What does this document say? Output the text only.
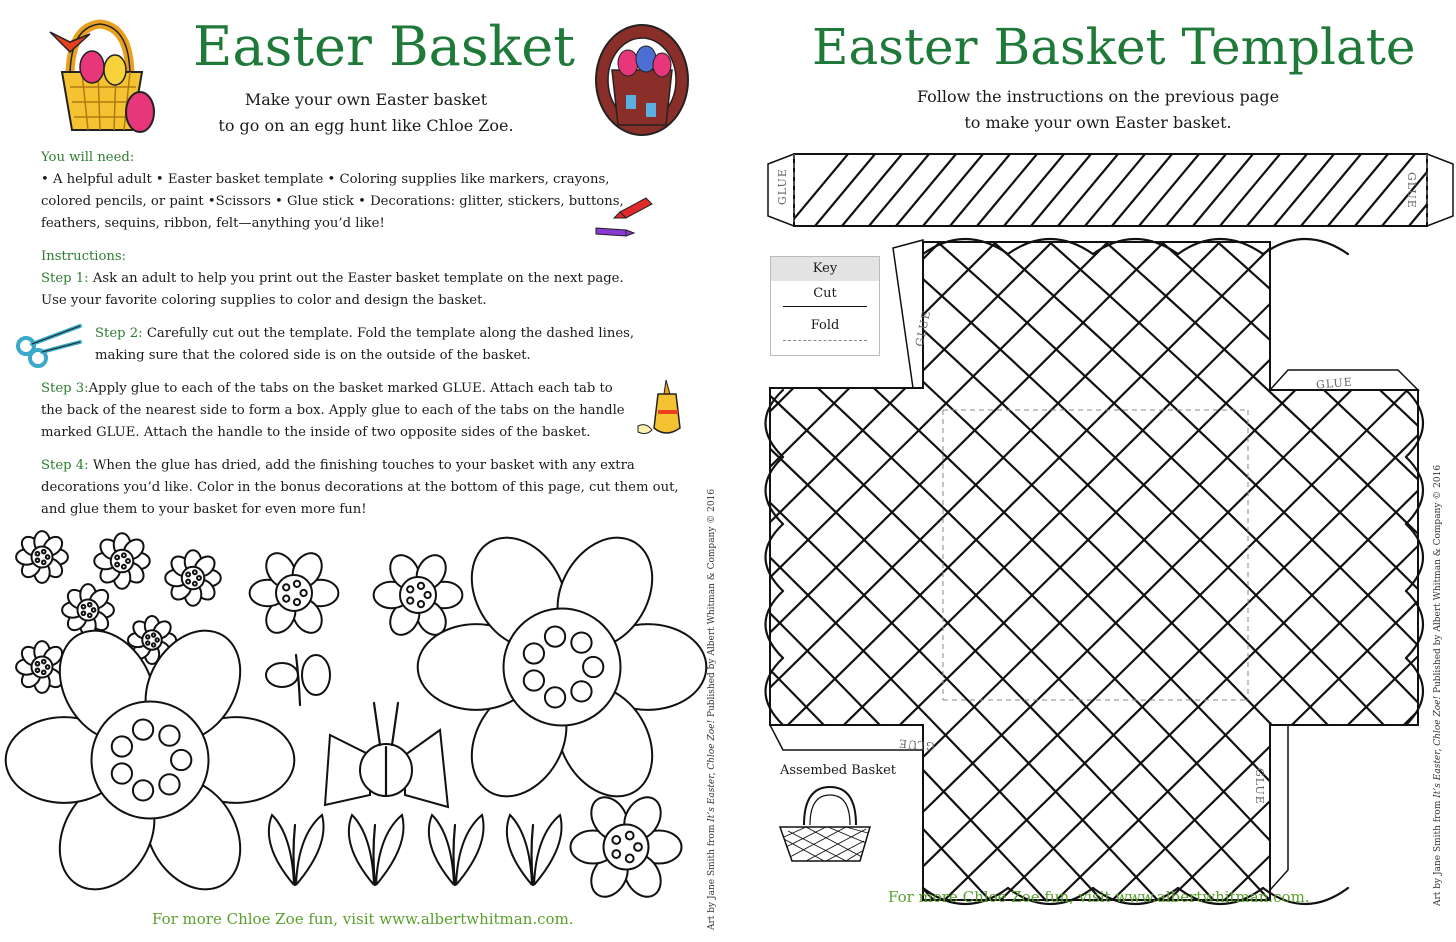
Easter Basket
Make your own Easter basket
to go on an egg hunt like Chloe Zoe.
You will need:
• A helpful adult • Easter basket template • Coloring supplies like markers, crayons,
colored pencils, or paint •Scissors • Glue stick • Decorations: glitter, stickers, buttons,
feathers, sequins, ribbon, felt—anything you’d like!
Instructions:
Step 1: Ask an adult to help you print out the Easter basket template on the next page.
Use your favorite coloring supplies to color and design the basket.
Step 2: Carefully cut out the template. Fold the template along the dashed lines,
making sure that the colored side is on the outside of the basket.
Step 3:Apply glue to each of the tabs on the basket marked GLUE. Attach each tab to
the back of the nearest side to form a box. Apply glue to each of the tabs on the handle
marked GLUE. Attach the handle to the inside of two opposite sides of the basket.
Step 4: When the glue has dried, add the finishing touches to your basket with any extra
decorations you’d like. Color in the bonus decorations at the bottom of this page, cut them out,
and glue them to your basket for even more fun!
For more Chloe Zoe fun, visit www.albertwhitman.com.	Art by Jane Smith from It’s Easter, Chloe Zoe! Published by Albert Whitman & Company © 2016
Easter Basket Template
Follow the instructions on the previous page
to make your own Easter basket.
GLUE	GLUE
Key
Cut
Fold	GLUE
GLUE
GLUE
GLUE
Assembed Basket
For more Chloe Zoe fun, visit www.albertwhitman.com.	Art by Jane Smith from It’s Easter, Chloe Zoe! Published by Albert Whitman & Company © 2016
